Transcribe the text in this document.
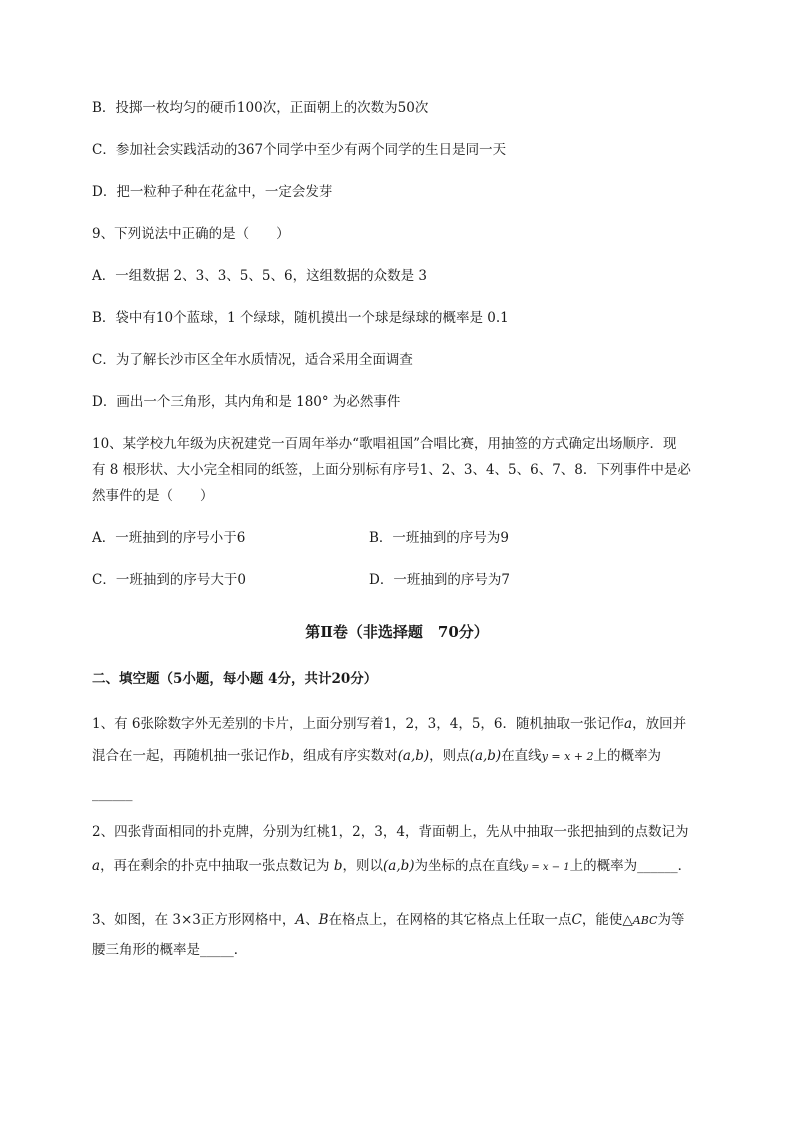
B．投掷一枚均匀的硬币100次，正面朝上的次数为50次
C．参加社会实践活动的367个同学中至少有两个同学的生日是同一天
D．把一粒种子种在花盆中，一定会发芽
9、下列说法中正确的是（　　）
A．一组数据 2、3、3、5、5、6，这组数据的众数是 3
B．袋中有10个蓝球，1 个绿球，随机摸出一个球是绿球的概率是 0.1
C．为了解长沙市区全年水质情况，适合采用全面调查
D．画出一个三角形，其内角和是 180° 为必然事件
10、某学校九年级为庆祝建党一百周年举办“歌唱祖国”合唱比赛，用抽签的方式确定出场顺序．现
有 8 根形状、大小完全相同的纸签，上面分别标有序号1、2、3、4、5、6、7、8．下列事件中是必
然事件的是（　　）
A．一班抽到的序号小于6	B．一班抽到的序号为9
C．一班抽到的序号大于0	D．一班抽到的序号为7
第Ⅱ卷（非选择题　70分）
二、填空题（5小题，每小题 4分，共计20分）
1、有 6张除数字外无差别的卡片，上面分别写着1，2，3，4，5，6．随机抽取一张记作a，放回并
混合在一起，再随机抽一张记作b，组成有序实数对(a,b)，则点(a,b)在直线y = x + 2上的概率为
______
2、四张背面相同的扑克牌，分别为红桃1，2，3，4，背面朝上，先从中抽取一张把抽到的点数记为
a，再在剩余的扑克中抽取一张点数记为 b，则以(a,b)为坐标的点在直线y = x − 1上的概率为______．
3、如图，在 3×3正方形网格中，A、B在格点上，在网格的其它格点上任取一点C，能使△ABC为等
腰三角形的概率是_____．
